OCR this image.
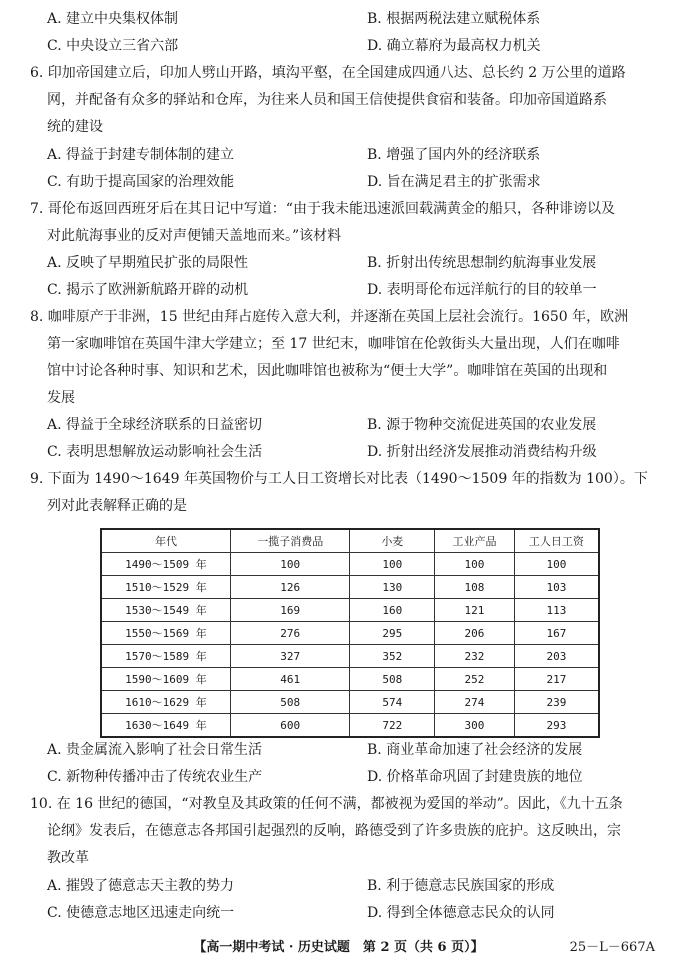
A. 建立中央集权体制	B. 根据两税法建立赋税体系
C. 中央设立三省六部	D. 确立幕府为最高权力机关
6. 印加帝国建立后，印加人劈山开路，填沟平壑，在全国建成四通八达、总长约 2 万公里的道路
网，并配备有众多的驿站和仓库，为往来人员和国王信使提供食宿和装备。印加帝国道路系
统的建设
A. 得益于封建专制体制的建立	B. 增强了国内外的经济联系
C. 有助于提高国家的治理效能	D. 旨在满足君主的扩张需求
7. 哥伦布返回西班牙后在其日记中写道：“由于我未能迅速派回载满黄金的船只，各种诽谤以及
对此航海事业的反对声便铺天盖地而来。”该材料
A. 反映了早期殖民扩张的局限性	B. 折射出传统思想制约航海事业发展
C. 揭示了欧洲新航路开辟的动机	D. 表明哥伦布远洋航行的目的较单一
8. 咖啡原产于非洲，15 世纪由拜占庭传入意大利，并逐渐在英国上层社会流行。1650 年，欧洲
第一家咖啡馆在英国牛津大学建立；至 17 世纪末，咖啡馆在伦敦街头大量出现，人们在咖啡
馆中讨论各种时事、知识和艺术，因此咖啡馆也被称为“便士大学”。咖啡馆在英国的出现和
发展
A. 得益于全球经济联系的日益密切	B. 源于物种交流促进英国的农业发展
C. 表明思想解放运动影响社会生活	D. 折射出经济发展推动消费结构升级
9. 下面为 1490～1649 年英国物价与工人日工资增长对比表（1490～1509 年的指数为 100）。下
列对此表解释正确的是
年代	一揽子消费品	小麦	工业产品	工人日工资
1490～1509 年	100	100	100	100
1510～1529 年	126	130	108	103
1530～1549 年	169	160	121	113
1550～1569 年	276	295	206	167
1570～1589 年	327	352	232	203
1590～1609 年	461	508	252	217
1610～1629 年	508	574	274	239
1630～1649 年	600	722	300	293
A. 贵金属流入影响了社会日常生活	B. 商业革命加速了社会经济的发展
C. 新物种传播冲击了传统农业生产	D. 价格革命巩固了封建贵族的地位
10. 在 16 世纪的德国，“对教皇及其政策的任何不满，都被视为爱国的举动”。因此，《九十五条
论纲》发表后，在德意志各邦国引起强烈的反响，路德受到了许多贵族的庇护。这反映出，宗
教改革
A. 摧毁了德意志天主教的势力	B. 利于德意志民族国家的形成
C. 使德意志地区迅速走向统一	D. 得到全体德意志民众的认同
【高一期中考试 · 历史试题　第 2 页（共 6 页）】	25－L－667A
